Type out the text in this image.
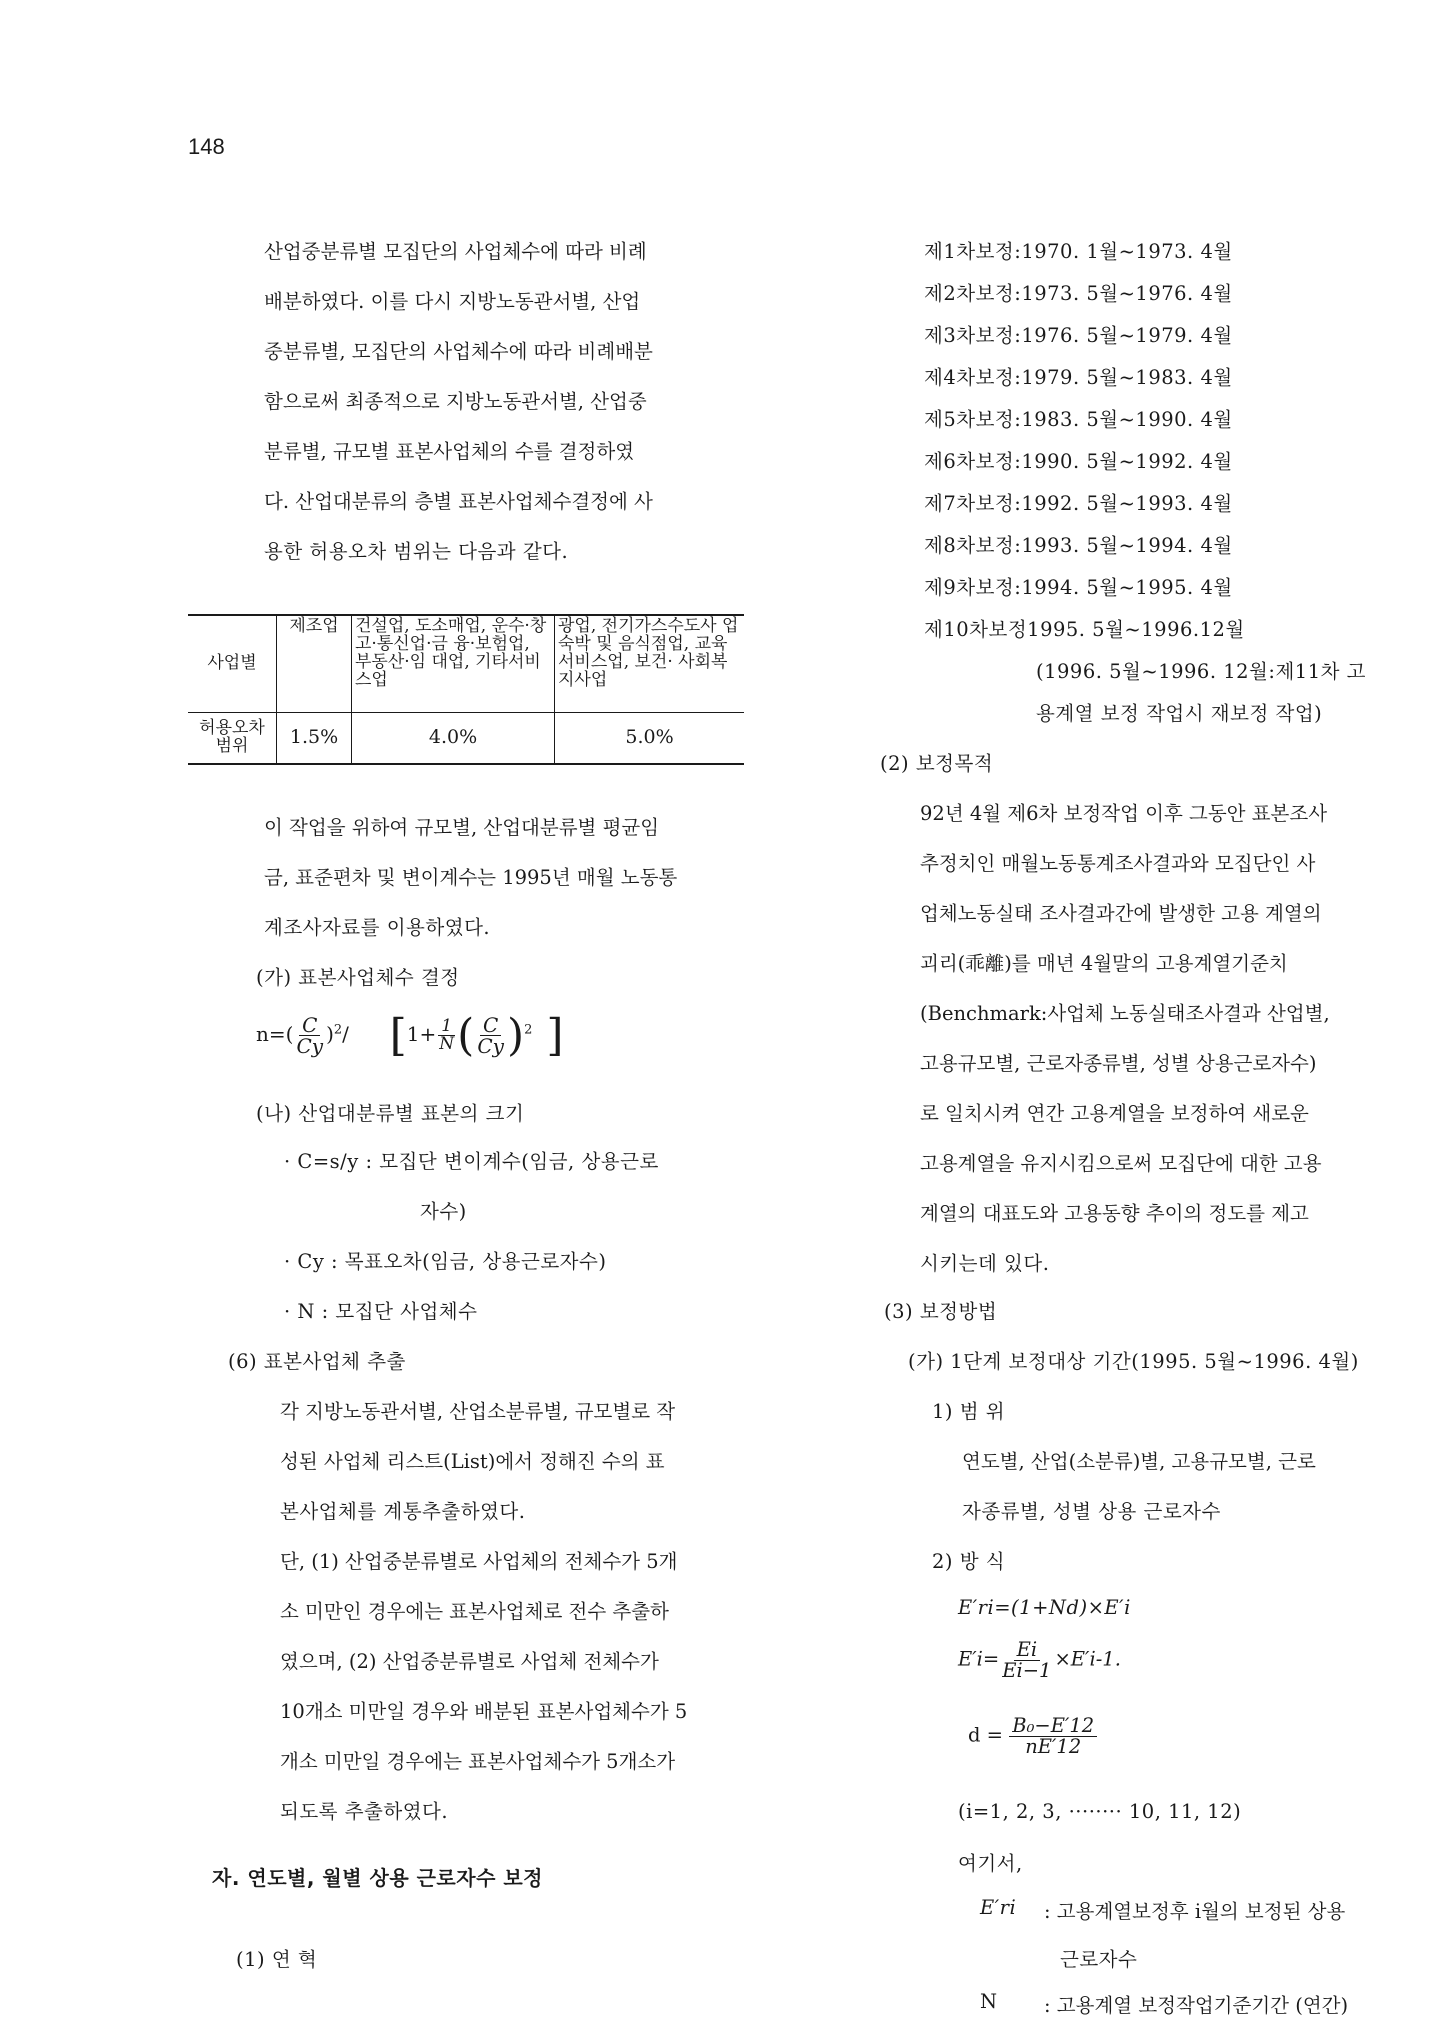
148
산업중분류별 모집단의 사업체수에 따라 비례
배분하였다. 이를 다시 지방노동관서별, 산업
중분류별, 모집단의 사업체수에 따라 비례배분
함으로써 최종적으로 지방노동관서별, 산업중
분류별, 규모별 표본사업체의 수를 결정하였
다. 산업대분류의 층별 표본사업체수결정에 사
용한 허용오차 범위는 다음과 같다.
사업별	제조업	건설업, 도소매업, 운수·창고·통신업·금 융·보험업, 부동산·임 대업, 기타서비스업	광업, 전기가스수도사 업 숙박 및 음식점업, 교육서비스업, 보건· 사회복지사업
허용오차 범위	1.5%	4.0%	5.0%
이 작업을 위하여 규모별, 산업대분류별 평균임
금, 표준편차 및 변이계수는 1995년 매월 노동통
계조사자료를 이용하였다.
(가) 표본사업체수 결정
$n=( \frac{C}{Cy} )^2/$ [$1+ \frac{1}{N}$ ( $\frac{C}{Cy} )^2$ ]
(나) 산업대분류별 표본의 크기
· C=s/y : 모집단 변이계수(임금, 상용근로
자수)
· Cy : 목표오차(임금, 상용근로자수)
· N : 모집단 사업체수
(6) 표본사업체 추출
각 지방노동관서별, 산업소분류별, 규모별로 작
성된 사업체 리스트(List)에서 정해진 수의 표
본사업체를 계통추출하였다.
단, (1) 산업중분류별로 사업체의 전체수가 5개
소 미만인 경우에는 표본사업체로 전수 추출하
였으며, (2) 산업중분류별로 사업체 전체수가
10개소 미만일 경우와 배분된 표본사업체수가 5
개소 미만일 경우에는 표본사업체수가 5개소가
되도록 추출하였다.
자. 연도별, 월별 상용 근로자수 보정
(1) 연 혁
제1차보정:1970. 1월~1973. 4월
제2차보정:1973. 5월~1976. 4월
제3차보정:1976. 5월~1979. 4월
제4차보정:1979. 5월~1983. 4월
제5차보정:1983. 5월~1990. 4월
제6차보정:1990. 5월~1992. 4월
제7차보정:1992. 5월~1993. 4월
제8차보정:1993. 5월~1994. 4월
제9차보정:1994. 5월~1995. 4월
제10차보정1995. 5월~1996.12월
(1996. 5월~1996. 12월:제11차 고
용계열 보정 작업시 재보정 작업)
(2) 보정목적
92년 4월 제6차 보정작업 이후 그동안 표본조사
추정치인 매월노동통계조사결과와 모집단인 사
업체노동실태 조사결과간에 발생한 고용 계열의
괴리(乖離)를 매년 4월말의 고용계열기준치
(Benchmark:사업체 노동실태조사결과 산업별,
고용규모별, 근로자종류별, 성별 상용근로자수)
로 일치시켜 연간 고용계열을 보정하여 새로운
고용계열을 유지시킴으로써 모집단에 대한 고용
계열의 대표도와 고용동향 추이의 정도를 제고
시키는데 있다.
(3) 보정방법
(가) 1단계 보정대상 기간(1995. 5월~1996. 4월)
1) 범 위
연도별, 산업(소분류)별, 고용규모별, 근로
자종류별, 성별 상용 근로자수
2) 방 식
E′ri=(1+Nd)×E′i
$E'i= \frac{Ei}{Ei-1} \times E'i-1$.
$d = \frac{\text{B₀−E′12}}{nE'12}$
(i=1, 2, 3, ········ 10, 11, 12)
여기서,
E′ri : 고용계열보정후 i월의 보정된 상용
근로자수
N : 고용계열 보정작업기준기간 (연간)
